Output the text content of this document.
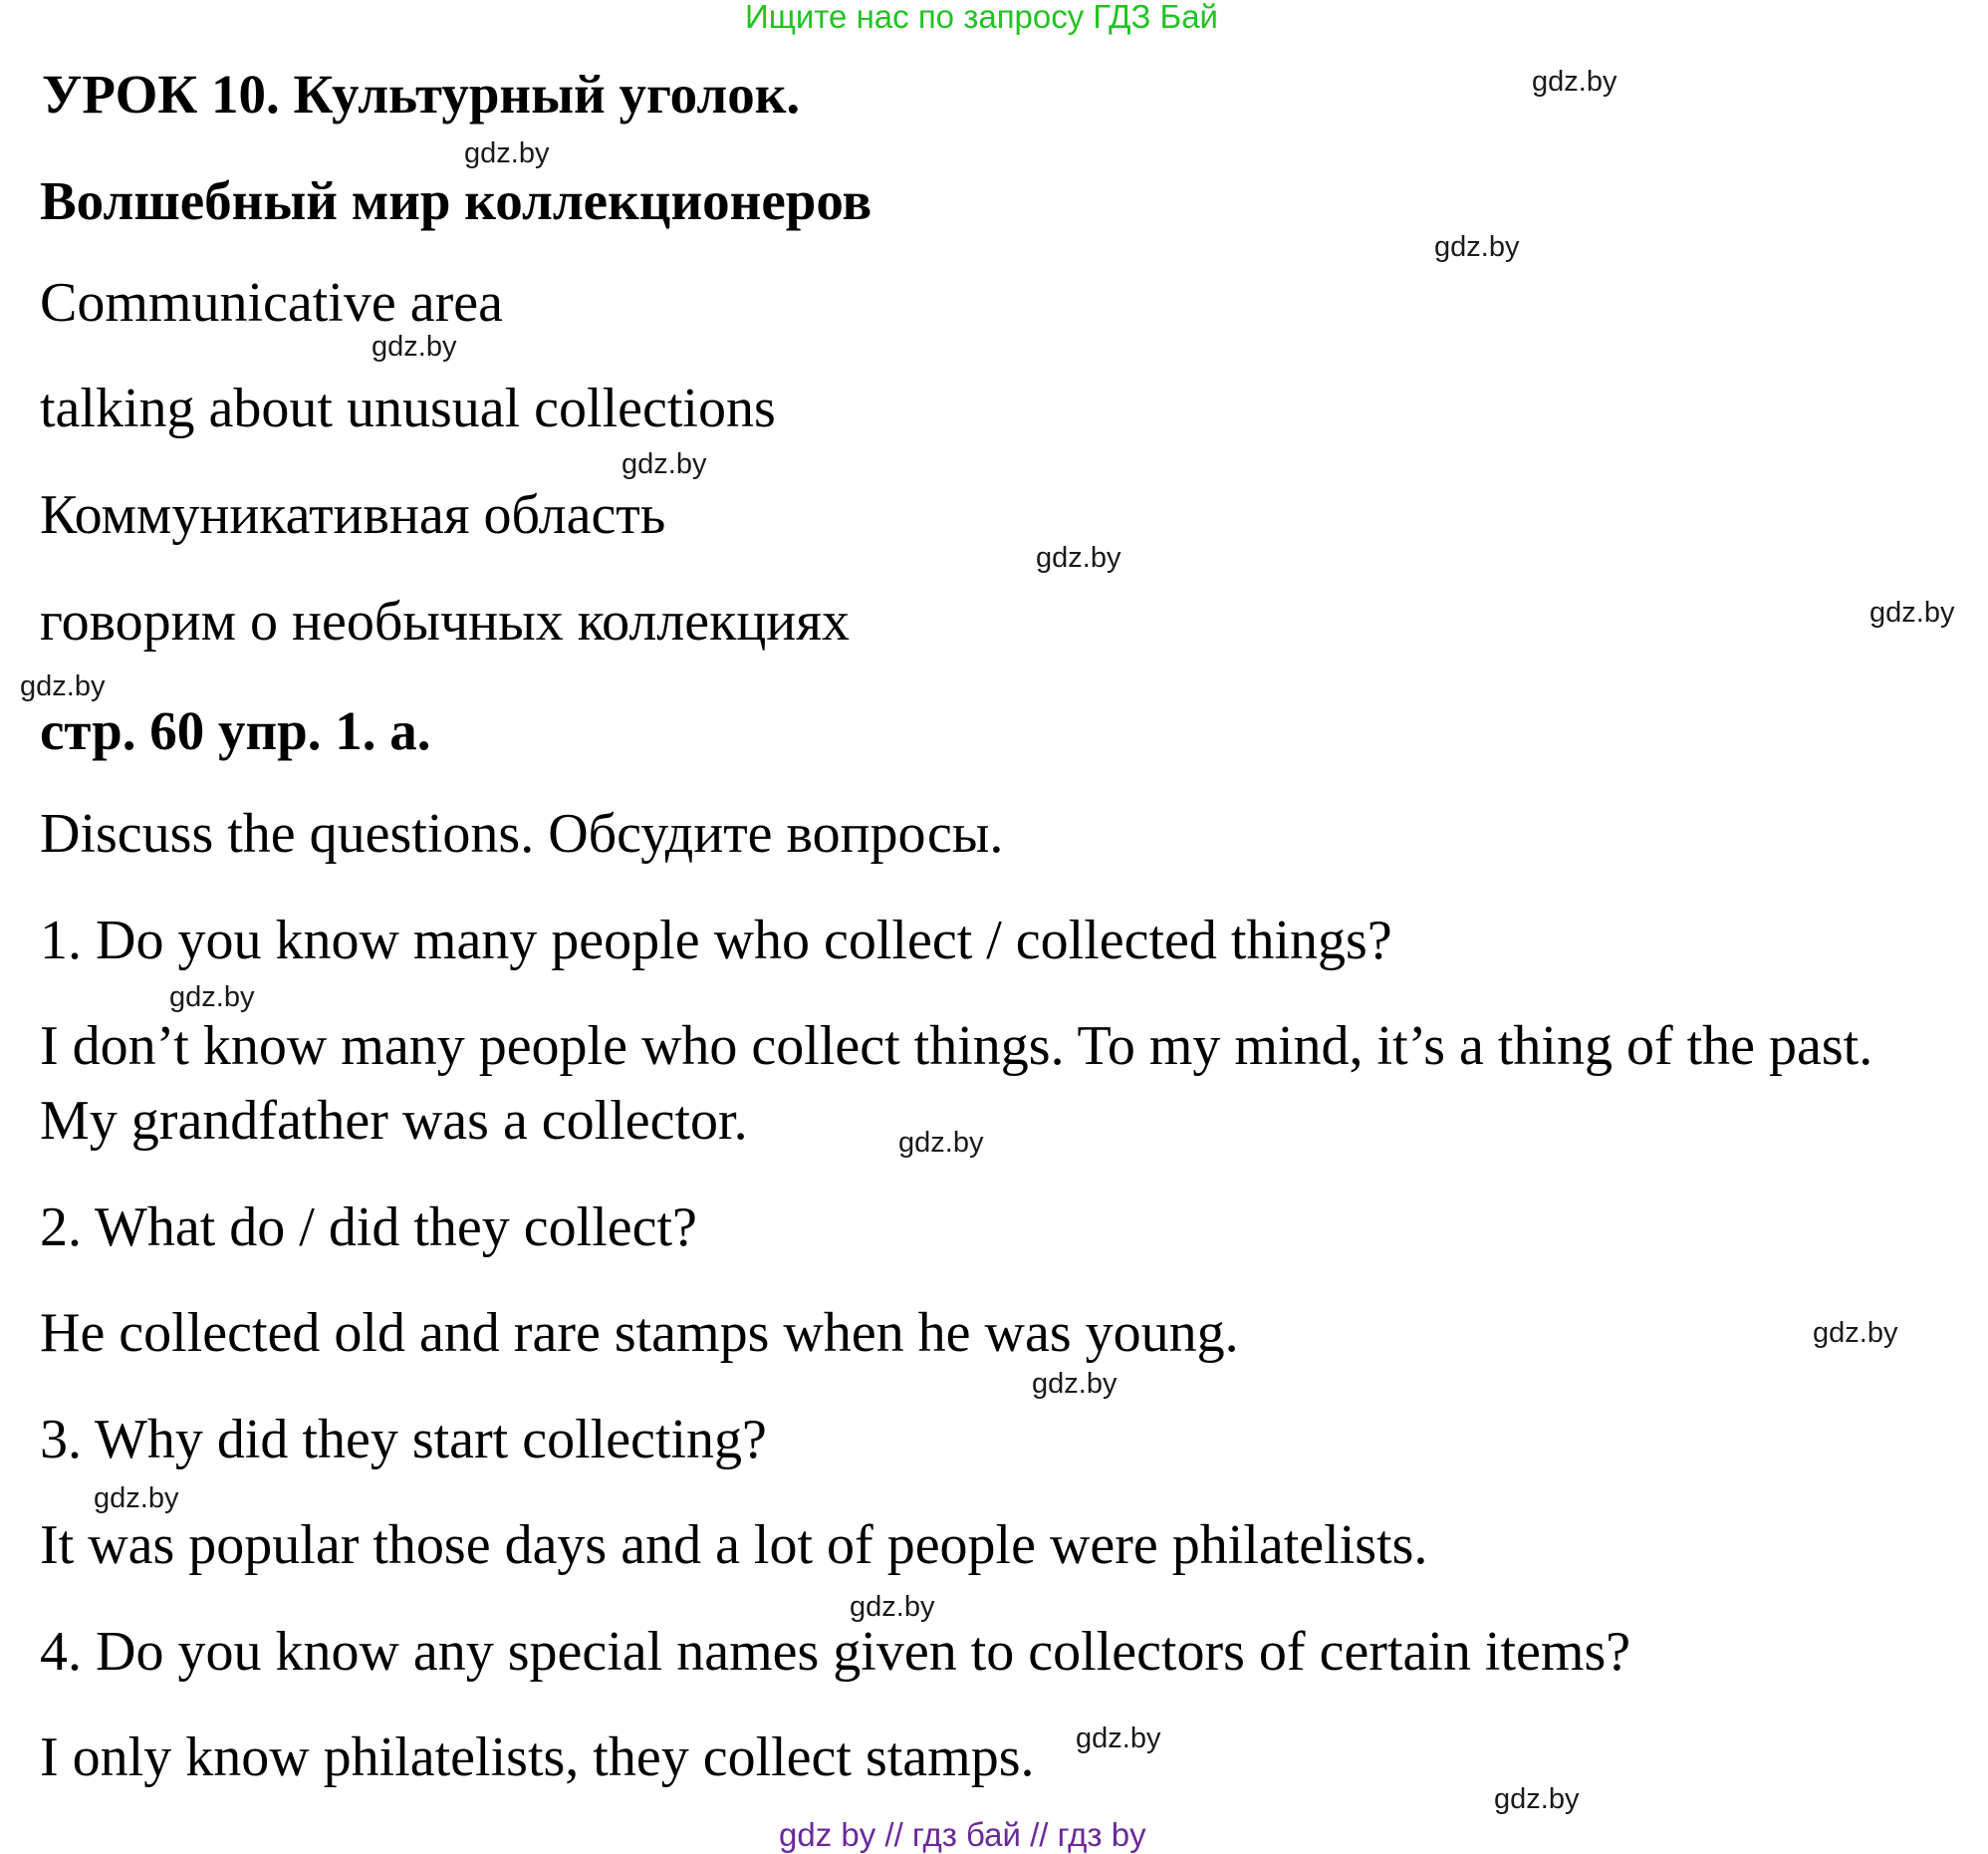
Ищите нас по запросу ГДЗ Бай
УРОК 10. Культурный уголок.
Волшебный мир коллекционеров
Communicative area
talking about unusual collections
Коммуникативная область
говорим о необычных коллекциях
стр. 60 упр. 1. а.
Discuss the questions. Обсудите вопросы.
1. Do you know many people who collect / collected things?
I don’t know many people who collect things. To my mind, it’s a thing of the past.
My grandfather was a collector.
2. What do / did they collect?
He collected old and rare stamps when he was young.
3. Why did they start collecting?
It was popular those days and a lot of people were philatelists.
4. Do you know any special names given to collectors of certain items?
I only know philatelists, they collect stamps.
gdz.by
gdz.by
gdz.by
gdz.by
gdz.by
gdz.by
gdz.by
gdz.by
gdz.by
gdz.by
gdz.by
gdz.by
gdz.by
gdz.by
gdz.by
gdz.by
gdz by // гдз бай // гдз by
